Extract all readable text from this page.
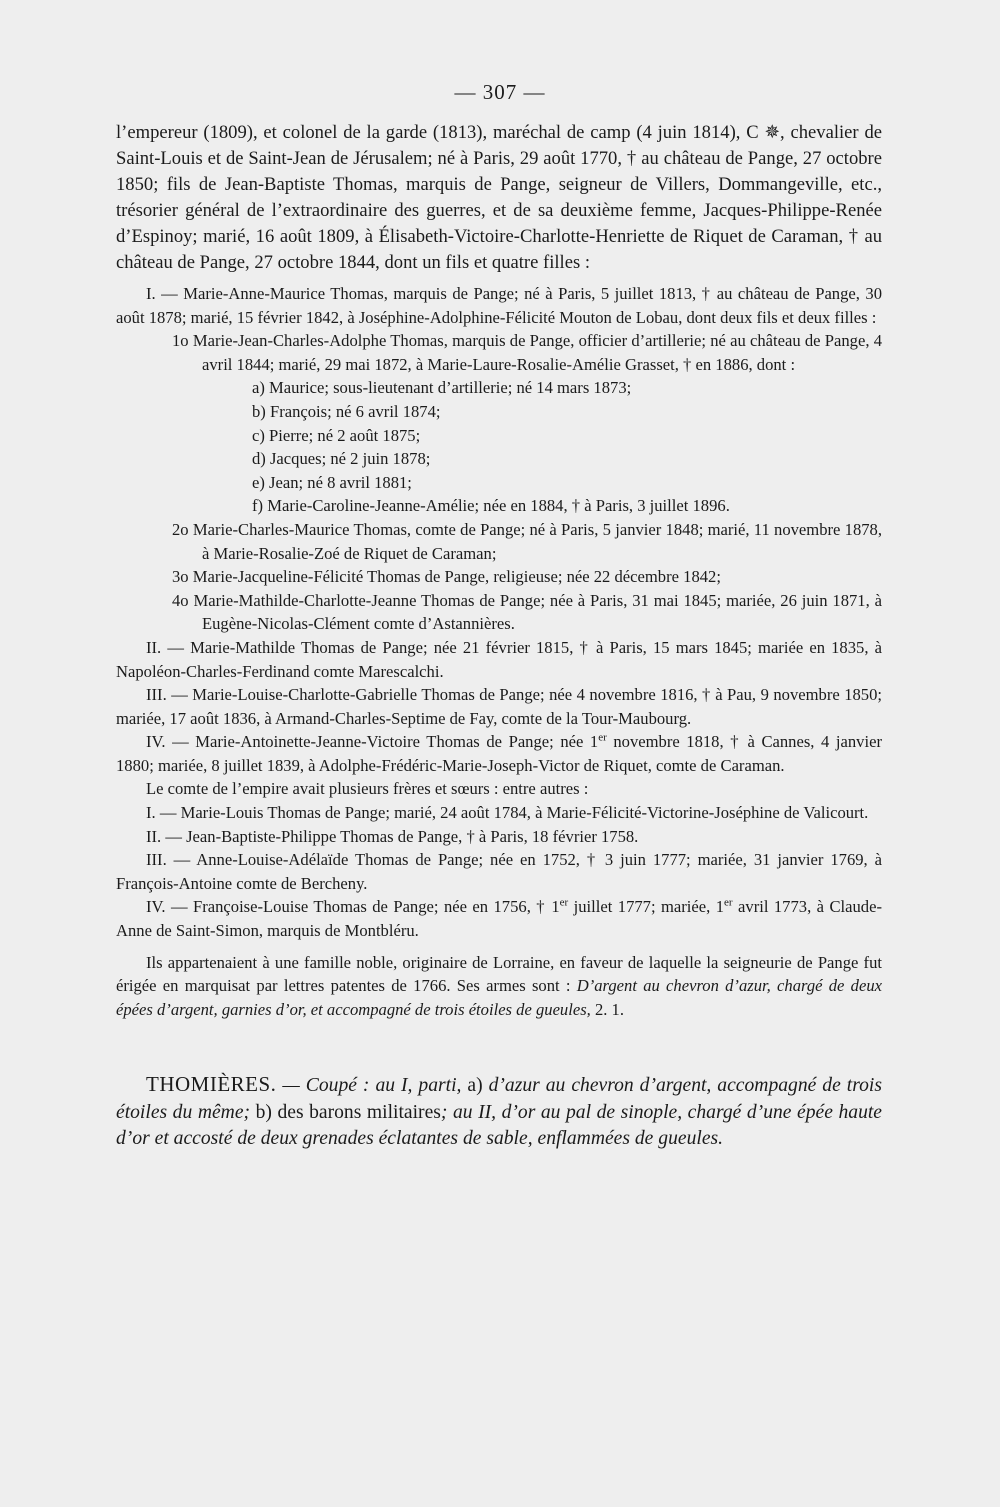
— 307 —

l’empereur (1809), et colonel de la garde (1813), maréchal de camp (4 juin 1814), C ✵, chevalier de Saint-Louis et de Saint-Jean de Jérusalem; né à Paris, 29 août 1770, † au château de Pange, 27 octobre 1850; fils de Jean-Baptiste Thomas, marquis de Pange, seigneur de Villers, Dommangeville, etc., trésorier général de l’extraordinaire des guerres, et de sa deuxième femme, Jacques-Philippe-Renée d’Espinoy; marié, 16 août 1809, à Élisabeth-Victoire-Charlotte-Henriette de Riquet de Caraman, † au château de Pange, 27 octobre 1844, dont un fils et quatre filles :

I. — Marie-Anne-Maurice Thomas, marquis de Pange; né à Paris, 5 juillet 1813, † au château de Pange, 30 août 1878; marié, 15 février 1842, à Joséphine-Adolphine-Félicité Mouton de Lobau, dont deux fils et deux filles :

1o Marie-Jean-Charles-Adolphe Thomas, marquis de Pange, officier d’artillerie; né au château de Pange, 4 avril 1844; marié, 29 mai 1872, à Marie-Laure-Rosalie-Amélie Grasset, † en 1886, dont :

a) Maurice; sous-lieutenant d’artillerie; né 14 mars 1873;

b) François; né 6 avril 1874;

c) Pierre; né 2 août 1875;

d) Jacques; né 2 juin 1878;

e) Jean; né 8 avril 1881;

f) Marie-Caroline-Jeanne-Amélie; née en 1884, † à Paris, 3 juillet 1896.

2o Marie-Charles-Maurice Thomas, comte de Pange; né à Paris, 5 janvier 1848; marié, 11 novembre 1878, à Marie-Rosalie-Zoé de Riquet de Caraman;

3o Marie-Jacqueline-Félicité Thomas de Pange, religieuse; née 22 décembre 1842;

4o Marie-Mathilde-Charlotte-Jeanne Thomas de Pange; née à Paris, 31 mai 1845; mariée, 26 juin 1871, à Eugène-Nicolas-Clément comte d’Astannières.

II. — Marie-Mathilde Thomas de Pange; née 21 février 1815, † à Paris, 15 mars 1845; mariée en 1835, à Napoléon-Charles-Ferdinand comte Marescalchi.

III. — Marie-Louise-Charlotte-Gabrielle Thomas de Pange; née 4 novembre 1816, † à Pau, 9 novembre 1850; mariée, 17 août 1836, à Armand-Charles-Septime de Fay, comte de la Tour-Maubourg.

IV. — Marie-Antoinette-Jeanne-Victoire Thomas de Pange; née 1er novembre 1818, † à Cannes, 4 janvier 1880; mariée, 8 juillet 1839, à Adolphe-Frédéric-Marie-Joseph-Victor de Riquet, comte de Caraman.

Le comte de l’empire avait plusieurs frères et sœurs : entre autres :

I. — Marie-Louis Thomas de Pange; marié, 24 août 1784, à Marie-Félicité-Victorine-Joséphine de Valicourt.

II. — Jean-Baptiste-Philippe Thomas de Pange, † à Paris, 18 février 1758.

III. — Anne-Louise-Adélaïde Thomas de Pange; née en 1752, † 3 juin 1777; mariée, 31 janvier 1769, à François-Antoine comte de Bercheny.

IV. — Françoise-Louise Thomas de Pange; née en 1756, † 1er juillet 1777; mariée, 1er avril 1773, à Claude-Anne de Saint-Simon, marquis de Montbléru.

Ils appartenaient à une famille noble, originaire de Lorraine, en faveur de laquelle la seigneurie de Pange fut érigée en marquisat par lettres patentes de 1766. Ses armes sont : D’argent au chevron d’azur, chargé de deux épées d’argent, garnies d’or, et accompagné de trois étoiles de gueules, 2. 1.

THOMIÈRES. — Coupé : au I, parti, a) d’azur au chevron d’argent, accompagné de trois étoiles du même; b) des barons militaires; au II, d’or au pal de sinople, chargé d’une épée haute d’or et accosté de deux grenades éclatantes de sable, enflammées de gueules.
